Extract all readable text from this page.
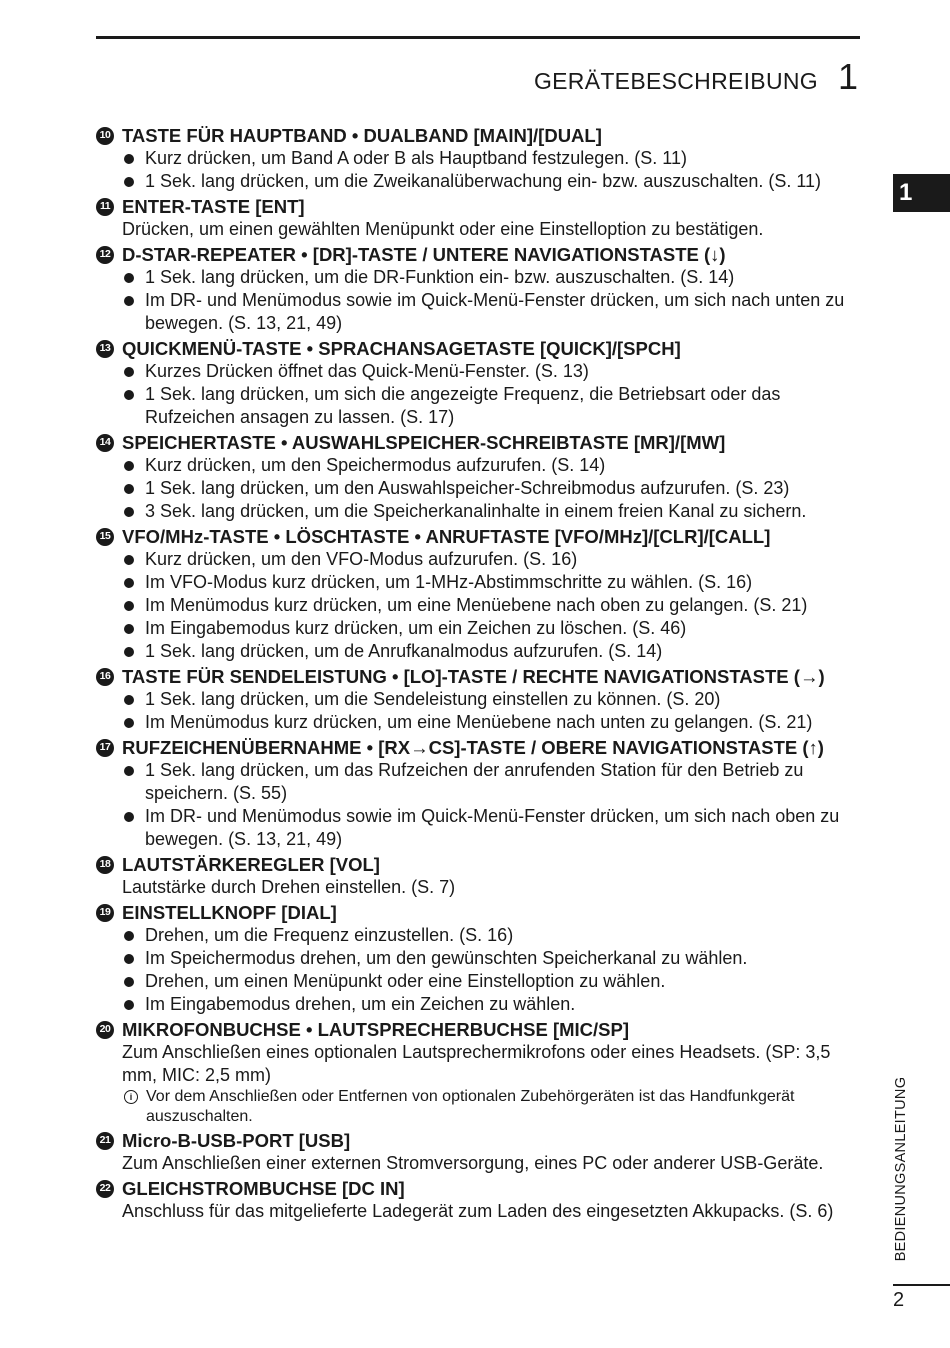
GERÄTEBESCHREIBUNG 1
1
BEDIENUNGSANLEITUNG
2
10 TASTE FÜR HAUPTBAND • DUALBAND [MAIN]/[DUAL]
Kurz drücken, um Band A oder B als Hauptband festzulegen. (S. 11)
1 Sek. lang drücken, um die Zweikanalüberwachung ein- bzw. auszuschalten. (S. 11)
11 ENTER-TASTE [ENT]
Drücken, um einen gewählten Menüpunkt oder eine Einstelloption zu bestätigen.
12 D-STAR-REPEATER • [DR]-TASTE / UNTERE NAVIGATIONSTASTE (↓)
1 Sek. lang drücken, um die DR-Funktion ein- bzw. auszuschalten. (S. 14)
Im DR- und Menümodus sowie im Quick-Menü-Fenster drücken, um sich nach unten zu bewegen. (S. 13, 21, 49)
13 QUICKMENÜ-TASTE • SPRACHANSAGETASTE [QUICK]/[SPCH]
Kurzes Drücken öffnet das Quick-Menü-Fenster. (S. 13)
1 Sek. lang drücken, um sich die angezeigte Frequenz, die Betriebsart oder das Rufzeichen ansagen zu lassen. (S. 17)
14 SPEICHERTASTE • AUSWAHLSPEICHER-SCHREIBTASTE [MR]/[MW]
Kurz drücken, um den Speichermodus aufzurufen. (S. 14)
1 Sek. lang drücken, um den Auswahlspeicher-Schreibmodus aufzurufen. (S. 23)
3 Sek. lang drücken, um die Speicherkanalinhalte in einem freien Kanal zu sichern.
15 VFO/MHz-TASTE • LÖSCHTASTE • ANRUFTASTE [VFO/MHz]/[CLR]/[CALL]
Kurz drücken, um den VFO-Modus aufzurufen. (S. 16)
Im VFO-Modus kurz drücken, um 1-MHz-Abstimmschritte zu wählen. (S. 16)
Im Menümodus kurz drücken, um eine Menüebene nach oben zu gelangen. (S. 21)
Im Eingabemodus kurz drücken, um ein Zeichen zu löschen. (S. 46)
1 Sek. lang drücken, um de Anrufkanalmodus aufzurufen. (S. 14)
16 TASTE FÜR SENDELEISTUNG • [LO]-TASTE / RECHTE NAVIGATIONSTASTE (→)
1 Sek. lang drücken, um die Sendeleistung einstellen zu können. (S. 20)
Im Menümodus kurz drücken, um eine Menüebene nach unten zu gelangen. (S. 21)
17 RUFZEICHENÜBERNAHME • [RX→CS]-TASTE / OBERE NAVIGATIONSTASTE (↑)
1 Sek. lang drücken, um das Rufzeichen der anrufenden Station für den Betrieb zu speichern. (S. 55)
Im DR- und Menümodus sowie im Quick-Menü-Fenster drücken, um sich nach oben zu bewegen. (S. 13, 21, 49)
18 LAUTSTÄRKEREGLER [VOL]
Lautstärke durch Drehen einstellen. (S. 7)
19 EINSTELLKNOPF [DIAL]
Drehen, um die Frequenz einzustellen. (S. 16)
Im Speichermodus drehen, um den gewünschten Speicherkanal zu wählen.
Drehen, um einen Menüpunkt oder eine Einstelloption zu wählen.
Im Eingabemodus drehen, um ein Zeichen zu wählen.
20 MIKROFONBUCHSE • LAUTSPRECHERBUCHSE [MIC/SP]
Zum Anschließen eines optionalen Lautsprechermikrofons oder eines Headsets. (SP: 3,5 mm, MIC: 2,5 mm)
i Vor dem Anschließen oder Entfernen von optionalen Zubehörgeräten ist das Handfunkgerät auszuschalten.
21 Micro-B-USB-PORT [USB]
Zum Anschließen einer externen Stromversorgung, eines PC oder anderer USB-Geräte.
22 GLEICHSTROMBUCHSE [DC IN]
Anschluss für das mitgelieferte Ladegerät zum Laden des eingesetzten Akkupacks. (S. 6)
